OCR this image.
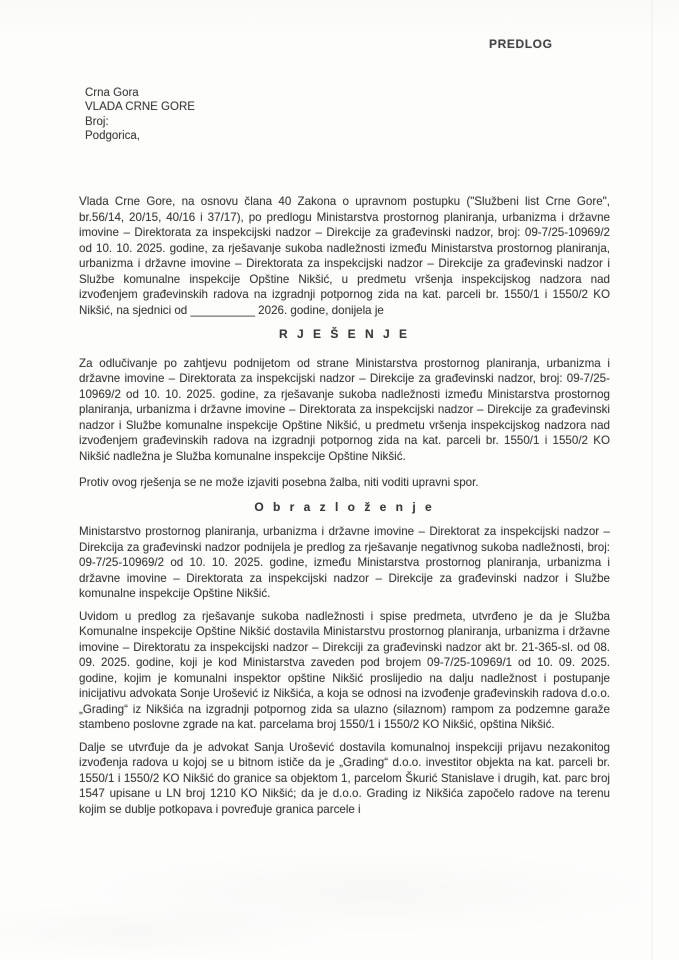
PREDLOG
Crna Gora
VLADA CRNE GORE
Broj:
Podgorica,

Vlada Crne Gore, na osnovu člana 40 Zakona o upravnom postupku ("Službeni list Crne Gore", br.56/14, 20/15, 40/16 i 37/17), po predlogu Ministarstva prostornog planiranja, urbanizma i državne imovine – Direktorata za inspekcijski nadzor – Direkcije za građevinski nadzor, broj: 09-7/25-10969/2 od 10. 10. 2025. godine, za rješavanje sukoba nadležnosti između Ministarstva prostornog planiranja, urbanizma i državne imovine – Direktorata za inspekcijski nadzor – Direkcije za građevinski nadzor i Službe komunalne inspekcije Opštine Nikšić, u predmetu vršenja inspekcijskog nadzora nad izvođenjem građevinskih radova na izgradnji potpornog zida na kat. parceli br. 1550/1 i 1550/2 KO Nikšić, na sjednici od __________ 2026. godine, donijela je

R J E Š E N J E

Za odlučivanje po zahtjevu podnijetom od strane Ministarstva prostornog planiranja, urbanizma i državne imovine – Direktorata za inspekcijski nadzor – Direkcije za građevinski nadzor, broj: 09-7/25-10969/2 od 10. 10. 2025. godine, za rješavanje sukoba nadležnosti između Ministarstva prostornog planiranja, urbanizma i državne imovine – Direktorata za inspekcijski nadzor – Direkcije za građevinski nadzor i Službe komunalne inspekcije Opštine Nikšić, u predmetu vršenja inspekcijskog nadzora nad izvođenjem građevinskih radova na izgradnji potpornog zida na kat. parceli br. 1550/1 i 1550/2 KO Nikšić nadležna je Služba komunalne inspekcije Opštine Nikšić.

Protiv ovog rješenja se ne može izjaviti posebna žalba, niti voditi upravni spor.

O b r a z l o ž e n j e

Ministarstvo prostornog planiranja, urbanizma i državne imovine – Direktorat za inspekcijski nadzor – Direkcija za građevinski nadzor podnijela je predlog za rješavanje negativnog sukoba nadležnosti, broj: 09-7/25-10969/2 od 10. 10. 2025. godine, između Ministarstva prostornog planiranja, urbanizma i državne imovine – Direktorata za inspekcijski nadzor – Direkcije za građevinski nadzor i Službe komunalne inspekcije Opštine Nikšić.

Uvidom u predlog za rješavanje sukoba nadležnosti i spise predmeta, utvrđeno je da je Služba Komunalne inspekcije Opštine Nikšić dostavila Ministarstvu prostornog planiranja, urbanizma i državne imovine – Direktoratu za inspekcijski nadzor – Direkciji za građevinski nadzor akt br. 21-365-sl. od 08. 09. 2025. godine, koji je kod Ministarstva zaveden pod brojem 09-7/25-10969/1 od 10. 09. 2025. godine, kojim je komunalni inspektor opštine Nikšić proslijedio na dalju nadležnost i postupanje inicijativu advokata Sonje Urošević iz Nikšića, a koja se odnosi na izvođenje građevinskih radova d.o.o. „Grading“ iz Nikšića na izgradnji potpornog zida sa ulazno (silaznom) rampom za podzemne garaže stambeno poslovne zgrade na kat. parcelama broj 1550/1 i 1550/2 KO Nikšić, opština Nikšić.

Dalje se utvrđuje da je advokat Sanja Urošević dostavila komunalnoj inspekciji prijavu nezakonitog izvođenja radova u kojoj se u bitnom ističe da je „Grading“ d.o.o. investitor objekta na kat. parceli br. 1550/1 i 1550/2 KO Nikšić do granice sa objektom 1, parcelom Škurić Stanislave i drugih, kat. parc broj 1547 upisane u LN broj 1210 KO Nikšić; da je d.o.o. Grading iz Nikšića započelo radove na terenu kojim se dublje potkopava i povređuje granica parcele i
